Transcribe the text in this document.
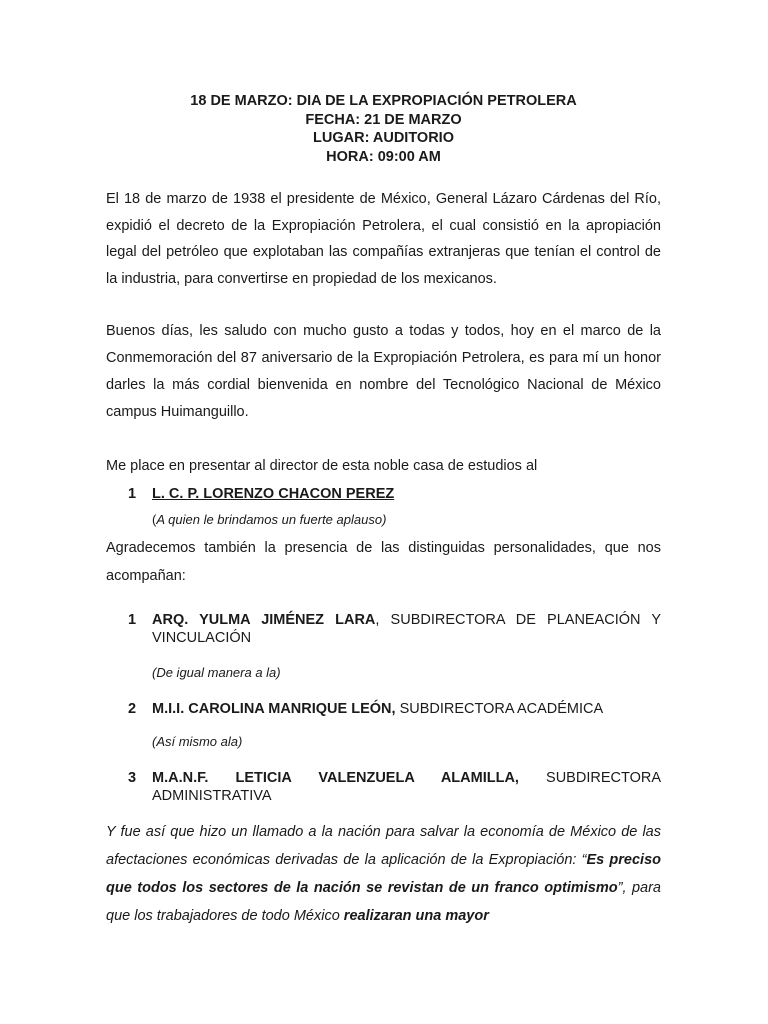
18 DE MARZO: DIA DE LA EXPROPIACIÓN PETROLERA
FECHA: 21 DE MARZO
LUGAR: AUDITORIO
HORA: 09:00 AM
El 18 de marzo de 1938 el presidente de México, General Lázaro Cárdenas del Río, expidió el decreto de la Expropiación Petrolera, el cual consistió en la apropiación legal del petróleo que explotaban las compañías extranjeras que tenían el control de la industria, para convertirse en propiedad de los mexicanos.
Buenos días, les saludo con mucho gusto a todas y todos, hoy en el marco de la Conmemoración del 87 aniversario de la Expropiación Petrolera, es para mí un honor darles la más cordial bienvenida en nombre del Tecnológico Nacional de México campus Huimanguillo.
Me place en presentar al director de esta noble casa de estudios al
1 L. C. P. LORENZO CHACON PEREZ
(A quien le brindamos un fuerte aplauso)
Agradecemos también la presencia de las distinguidas personalidades, que nos acompañan:
1 ARQ. YULMA JIMÉNEZ LARA, SUBDIRECTORA DE PLANEACIÓN Y VINCULACIÓN
(De igual manera a la)
2 M.I.I. CAROLINA MANRIQUE LEÓN, SUBDIRECTORA ACADÉMICA
(Así mismo ala)
3 M.A.N.F. LETICIA VALENZUELA ALAMILLA, SUBDIRECTORA
ADMINISTRATIVA
Y fue así que hizo un llamado a la nación para salvar la economía de México de las afectaciones económicas derivadas de la aplicación de la Expropiación: “Es preciso que todos los sectores de la nación se revistan de un franco optimismo”, para que los trabajadores de todo México realizaran una mayor
